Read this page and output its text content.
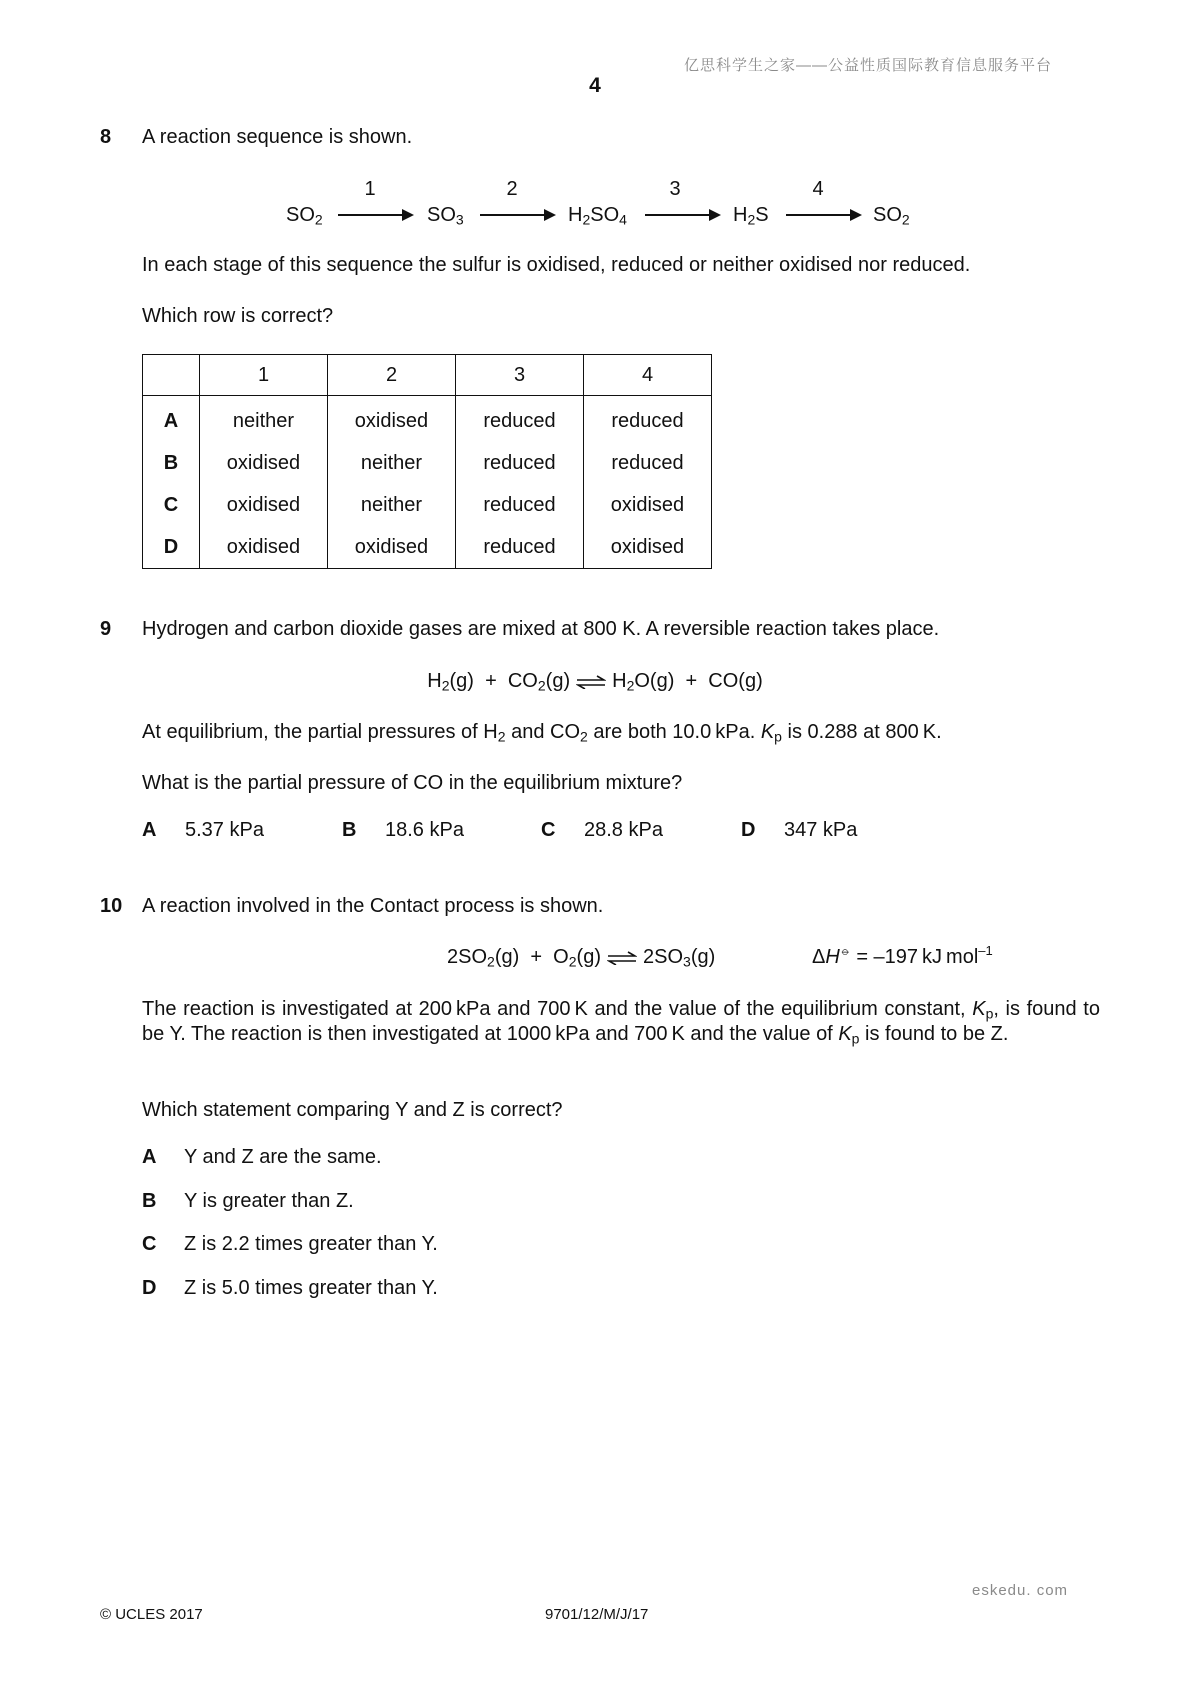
亿思科学生之家——公益性质国际教育信息服务平台
4
8 A reaction sequence is shown.
$SO_2$
1
$SO_3$
2
$H_2SO_4$
3
$H_2S$
4
$SO_2$
In each stage of this sequence the sulfur is oxidised, reduced or neither oxidised nor reduced.
Which row is correct?
	1	2	3	4
A	neither	oxidised	reduced	reduced
B	oxidised	neither	reduced	reduced
C	oxidised	neither	reduced	oxidised
D	oxidised	oxidised	reduced	oxidised
9 Hydrogen and carbon dioxide gases are mixed at 800 K. A reversible reaction takes place.
$H_2(g) + CO_2(g)$ ⇌ $H_2O(g) + CO(g)$
At equilibrium, the partial pressures of $H_2$ and $CO_2$ are both 10.0 kPa. $K_p$ is 0.288 at 800 K.
What is the partial pressure of CO in the equilibrium mixture?
A 5.37 kPa	B 18.6 kPa	C 28.8 kPa	D 347 kPa
10 A reaction involved in the Contact process is shown.
$2SO_2(g) + O_2(g)$ ⇌ $2SO_3(g)$	ΔH⦵ = –197 kJ mol$^{-1}$
The reaction is investigated at 200 kPa and 700 K and the value of the equilibrium constant, $K_p$, is found to be Y. The reaction is then investigated at 1000 kPa and 700 K and the value of $K_p$ is found to be Z.
Which statement comparing Y and Z is correct?
A Y and Z are the same.
B Y is greater than Z.
C Z is 2.2 times greater than Y.
D Z is 5.0 times greater than Y.
eskedu. com
© UCLES 2017	9701/12/M/J/17
